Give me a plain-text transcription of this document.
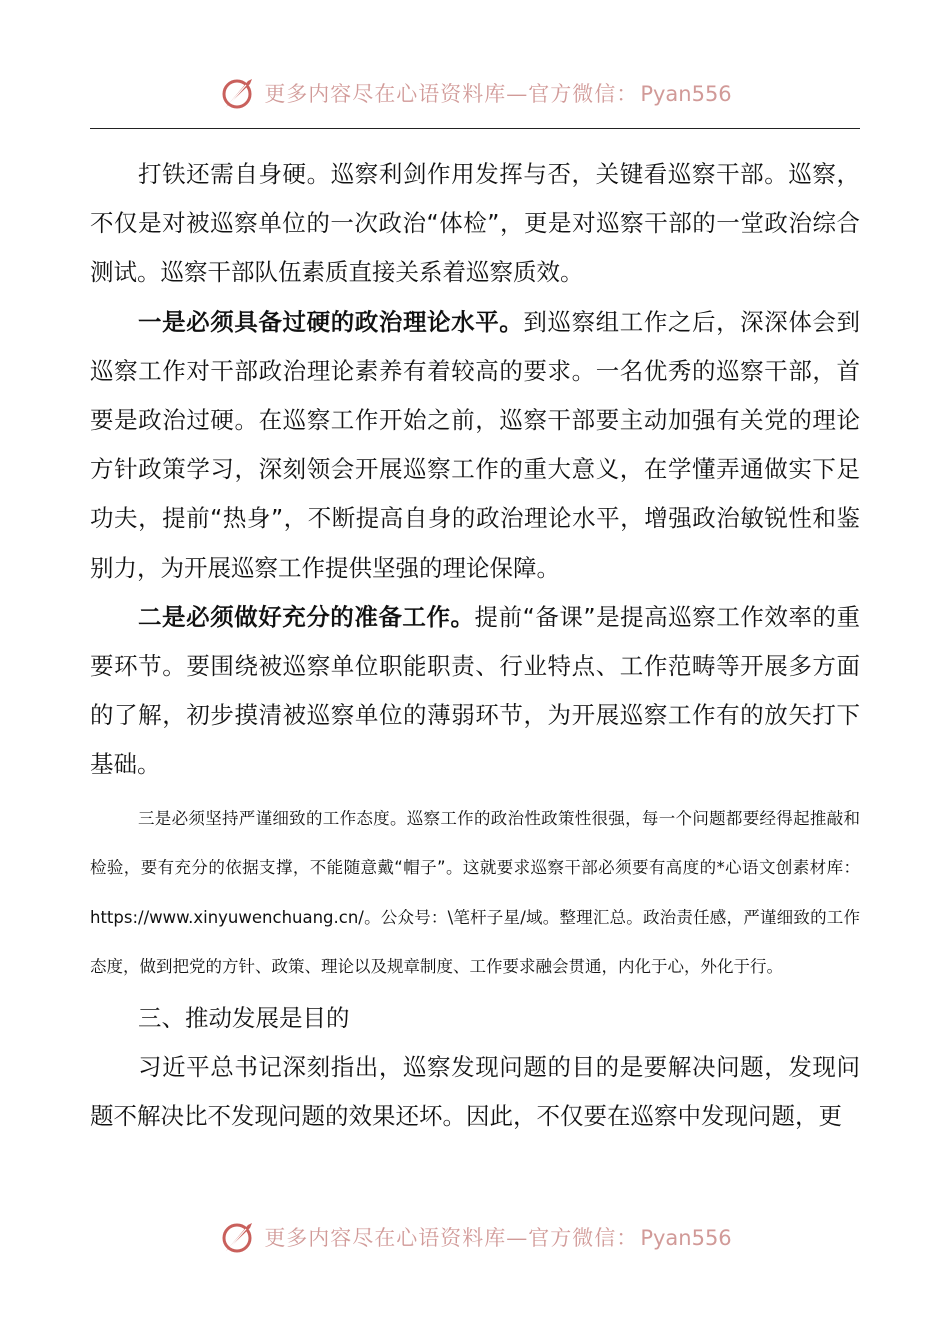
更多内容尽在心语资料库—官方微信：Pyan556

打铁还需自身硬。巡察利剑作用发挥与否，关键看巡察干部。巡察，不仅是对被巡察单位的一次政治“体检”，更是对巡察干部的一堂政治综合测试。巡察干部队伍素质直接关系着巡察质效。

一是必须具备过硬的政治理论水平。到巡察组工作之后，深深体会到巡察工作对干部政治理论素养有着较高的要求。一名优秀的巡察干部，首要是政治过硬。在巡察工作开始之前，巡察干部要主动加强有关党的理论方针政策学习，深刻领会开展巡察工作的重大意义，在学懂弄通做实下足功夫，提前“热身”，不断提高自身的政治理论水平，增强政治敏锐性和鉴别力，为开展巡察工作提供坚强的理论保障。

二是必须做好充分的准备工作。提前“备课”是提高巡察工作效率的重要环节。要围绕被巡察单位职能职责、行业特点、工作范畴等开展多方面的了解，初步摸清被巡察单位的薄弱环节，为开展巡察工作有的放矢打下基础。

三是必须坚持严谨细致的工作态度。巡察工作的政治性政策性很强，每一个问题都要经得起推敲和检验，要有充分的依据支撑，不能随意戴“帽子”。这就要求巡察干部必须要有高度的*心语文创素材库：https://www.xinyuwenchuang.cn/。公众号：\笔杆子星/域。整理汇总。政治责任感，严谨细致的工作态度，做到把党的方针、政策、理论以及规章制度、工作要求融会贯通，内化于心，外化于行。

三、推动发展是目的

习近平总书记深刻指出，巡察发现问题的目的是要解决问题，发现问题不解决比不发现问题的效果还坏。因此，不仅要在巡察中发现问题，更

更多内容尽在心语资料库—官方微信：Pyan556
